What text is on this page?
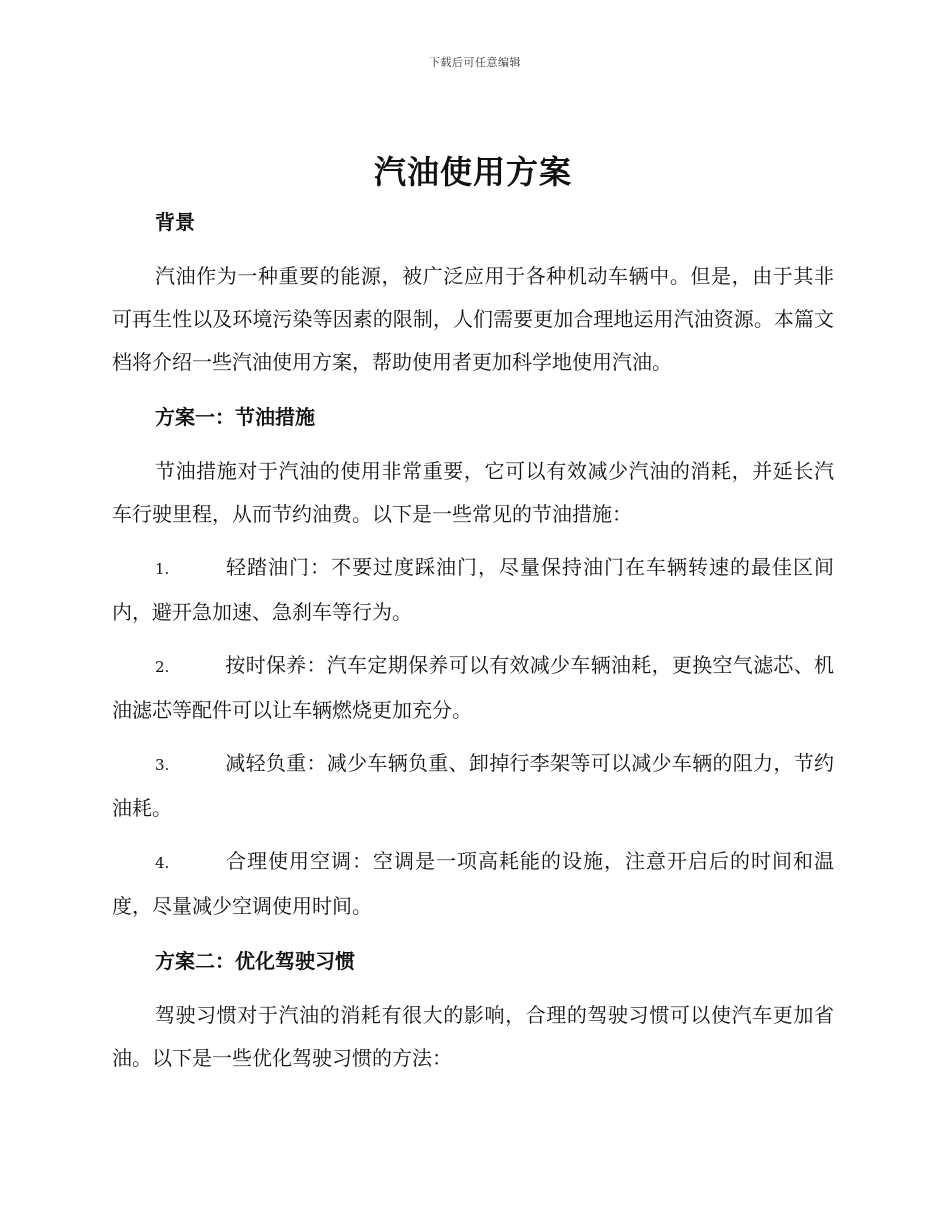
下载后可任意编辑
汽油使用方案
背景

汽油作为一种重要的能源，被广泛应用于各种机动车辆中。但是，由于其非可再生性以及环境污染等因素的限制，人们需要更加合理地运用汽油资源。本篇文档将介绍一些汽油使用方案，帮助使用者更加科学地使用汽油。

方案一：节油措施

节油措施对于汽油的使用非常重要，它可以有效减少汽油的消耗，并延长汽车行驶里程，从而节约油费。以下是一些常见的节油措施：

1.	轻踏油门：不要过度踩油门，尽量保持油门在车辆转速的最佳区间内，避开急加速、急刹车等行为。

2.	按时保养：汽车定期保养可以有效减少车辆油耗，更换空气滤芯、机油滤芯等配件可以让车辆燃烧更加充分。

3.	减轻负重：减少车辆负重、卸掉行李架等可以减少车辆的阻力，节约油耗。

4.	合理使用空调：空调是一项高耗能的设施，注意开启后的时间和温度，尽量减少空调使用时间。

方案二：优化驾驶习惯

驾驶习惯对于汽油的消耗有很大的影响，合理的驾驶习惯可以使汽车更加省油。以下是一些优化驾驶习惯的方法：
